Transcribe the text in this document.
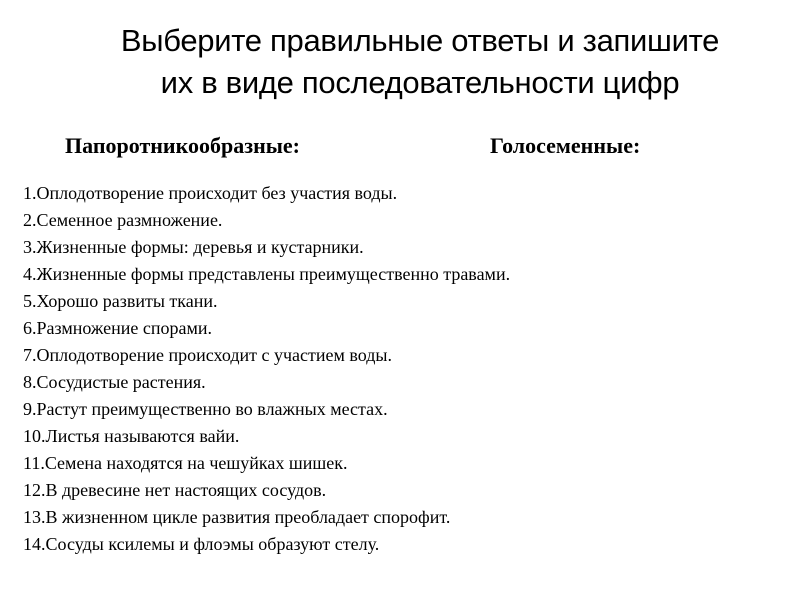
Выберите правильные ответы и запишите
их в виде последовательности цифр
Папоротникообразные:	Голосеменные:
1.Оплодотворение происходит без участия воды.
2.Семенное размножение.
3.Жизненные формы: деревья и кустарники.
4.Жизненные формы представлены преимущественно травами.
5.Хорошо развиты ткани.
6.Размножение спорами.
7.Оплодотворение происходит с участием воды.
8.Сосудистые растения.
9.Растут преимущественно во влажных местах.
10.Листья называются вайи.
11.Семена находятся на чешуйках шишек.
12.В древесине нет настоящих сосудов.
13.В жизненном цикле развития преобладает спорофит.
14.Сосуды ксилемы и флоэмы образуют стелу.
